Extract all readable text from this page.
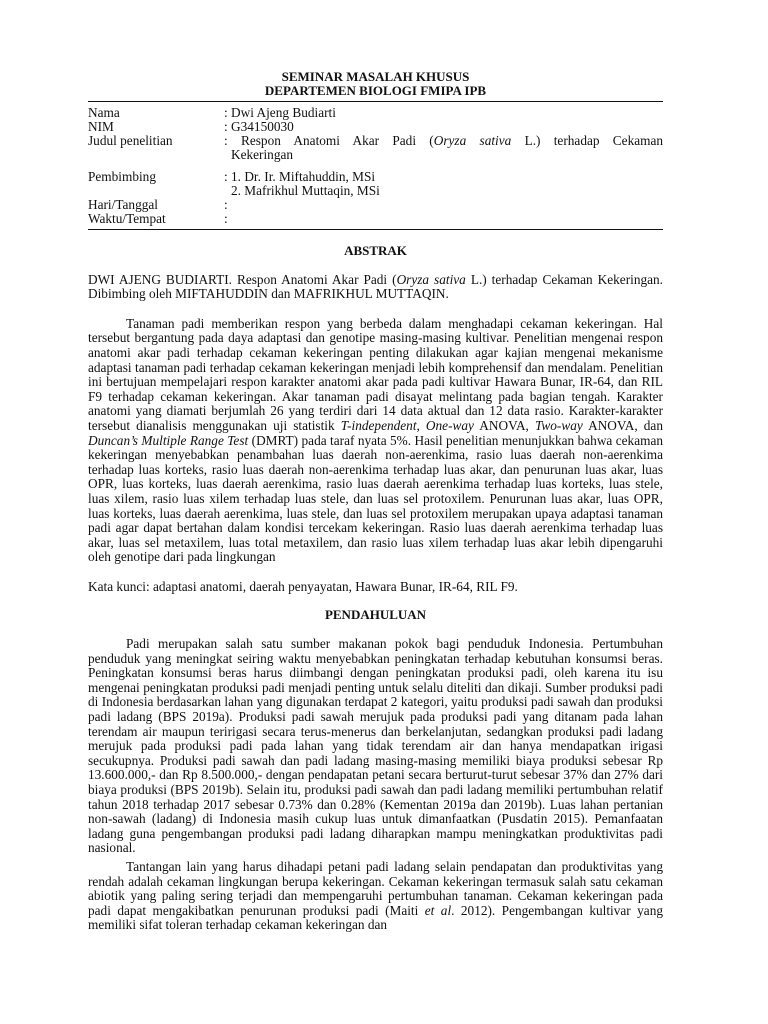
SEMINAR MASALAH KHUSUS
DEPARTEMEN BIOLOGI FMIPA IPB
Nama	: Dwi Ajeng Budiarti
NIM	: G34150030
Judul penelitian	: Respon Anatomi Akar Padi (Oryza sativa L.) terhadap Cekaman
Kekeringan

Pembimbing	: 1. Dr. Ir. Miftahuddin, MSi
2. Mafrikhul Muttaqin, MSi

Hari/Tanggal	:
Waktu/Tempat	:
ABSTRAK

DWI AJENG BUDIARTI. Respon Anatomi Akar Padi (Oryza sativa L.) terhadap Cekaman Kekeringan. Dibimbing oleh MIFTAHUDDIN dan MAFRIKHUL MUTTAQIN.

Tanaman padi memberikan respon yang berbeda dalam menghadapi cekaman kekeringan. Hal tersebut bergantung pada daya adaptasi dan genotipe masing-masing kultivar. Penelitian mengenai respon anatomi akar padi terhadap cekaman kekeringan penting dilakukan agar kajian mengenai mekanisme adaptasi tanaman padi terhadap cekaman kekeringan menjadi lebih komprehensif dan mendalam. Penelitian ini bertujuan mempelajari respon karakter anatomi akar pada padi kultivar Hawara Bunar, IR-64, dan RIL F9 terhadap cekaman kekeringan. Akar tanaman padi disayat melintang pada bagian tengah. Karakter anatomi yang diamati berjumlah 26 yang terdiri dari 14 data aktual dan 12 data rasio. Karakter-karakter tersebut dianalisis menggunakan uji statistik T-independent, One-way ANOVA, Two-way ANOVA, dan Duncan’s Multiple Range Test (DMRT) pada taraf nyata 5%. Hasil penelitian menunjukkan bahwa cekaman kekeringan menyebabkan penambahan luas daerah non-aerenkima, rasio luas daerah non-aerenkima terhadap luas korteks, rasio luas daerah non-aerenkima terhadap luas akar, dan penurunan luas akar, luas OPR, luas korteks, luas daerah aerenkima, rasio luas daerah aerenkima terhadap luas korteks, luas stele, luas xilem, rasio luas xilem terhadap luas stele, dan luas sel protoxilem. Penurunan luas akar, luas OPR, luas korteks, luas daerah aerenkima, luas stele, dan luas sel protoxilem merupakan upaya adaptasi tanaman padi agar dapat bertahan dalam kondisi tercekam kekeringan. Rasio luas daerah aerenkima terhadap luas akar, luas sel metaxilem, luas total metaxilem, dan rasio luas xilem terhadap luas akar lebih dipengaruhi oleh genotipe dari pada lingkungan

Kata kunci: adaptasi anatomi, daerah penyayatan, Hawara Bunar, IR-64, RIL F9.

PENDAHULUAN

Padi merupakan salah satu sumber makanan pokok bagi penduduk Indonesia. Pertumbuhan penduduk yang meningkat seiring waktu menyebabkan peningkatan terhadap kebutuhan konsumsi beras. Peningkatan konsumsi beras harus diimbangi dengan peningkatan produksi padi, oleh karena itu isu mengenai peningkatan produksi padi menjadi penting untuk selalu diteliti dan dikaji. Sumber produksi padi di Indonesia berdasarkan lahan yang digunakan terdapat 2 kategori, yaitu produksi padi sawah dan produksi padi ladang (BPS 2019a). Produksi padi sawah merujuk pada produksi padi yang ditanam pada lahan terendam air maupun teririgasi secara terus-menerus dan berkelanjutan, sedangkan produksi padi ladang merujuk pada produksi padi pada lahan yang tidak terendam air dan hanya mendapatkan irigasi secukupnya. Produksi padi sawah dan padi ladang masing-masing memiliki biaya produksi sebesar Rp 13.600.000,- dan Rp 8.500.000,- dengan pendapatan petani secara berturut-turut sebesar 37% dan 27% dari biaya produksi (BPS 2019b). Selain itu, produksi padi sawah dan padi ladang memiliki pertumbuhan relatif tahun 2018 terhadap 2017 sebesar 0.73% dan 0.28% (Kementan 2019a dan 2019b). Luas lahan pertanian non-sawah (ladang) di Indonesia masih cukup luas untuk dimanfaatkan (Pusdatin 2015). Pemanfaatan ladang guna pengembangan produksi padi ladang diharapkan mampu meningkatkan produktivitas padi nasional.

Tantangan lain yang harus dihadapi petani padi ladang selain pendapatan dan produktivitas yang rendah adalah cekaman lingkungan berupa kekeringan. Cekaman kekeringan termasuk salah satu cekaman abiotik yang paling sering terjadi dan mempengaruhi pertumbuhan tanaman. Cekaman kekeringan pada padi dapat mengakibatkan penurunan produksi padi (Maiti et al. 2012). Pengembangan kultivar yang memiliki sifat toleran terhadap cekaman kekeringan dan
